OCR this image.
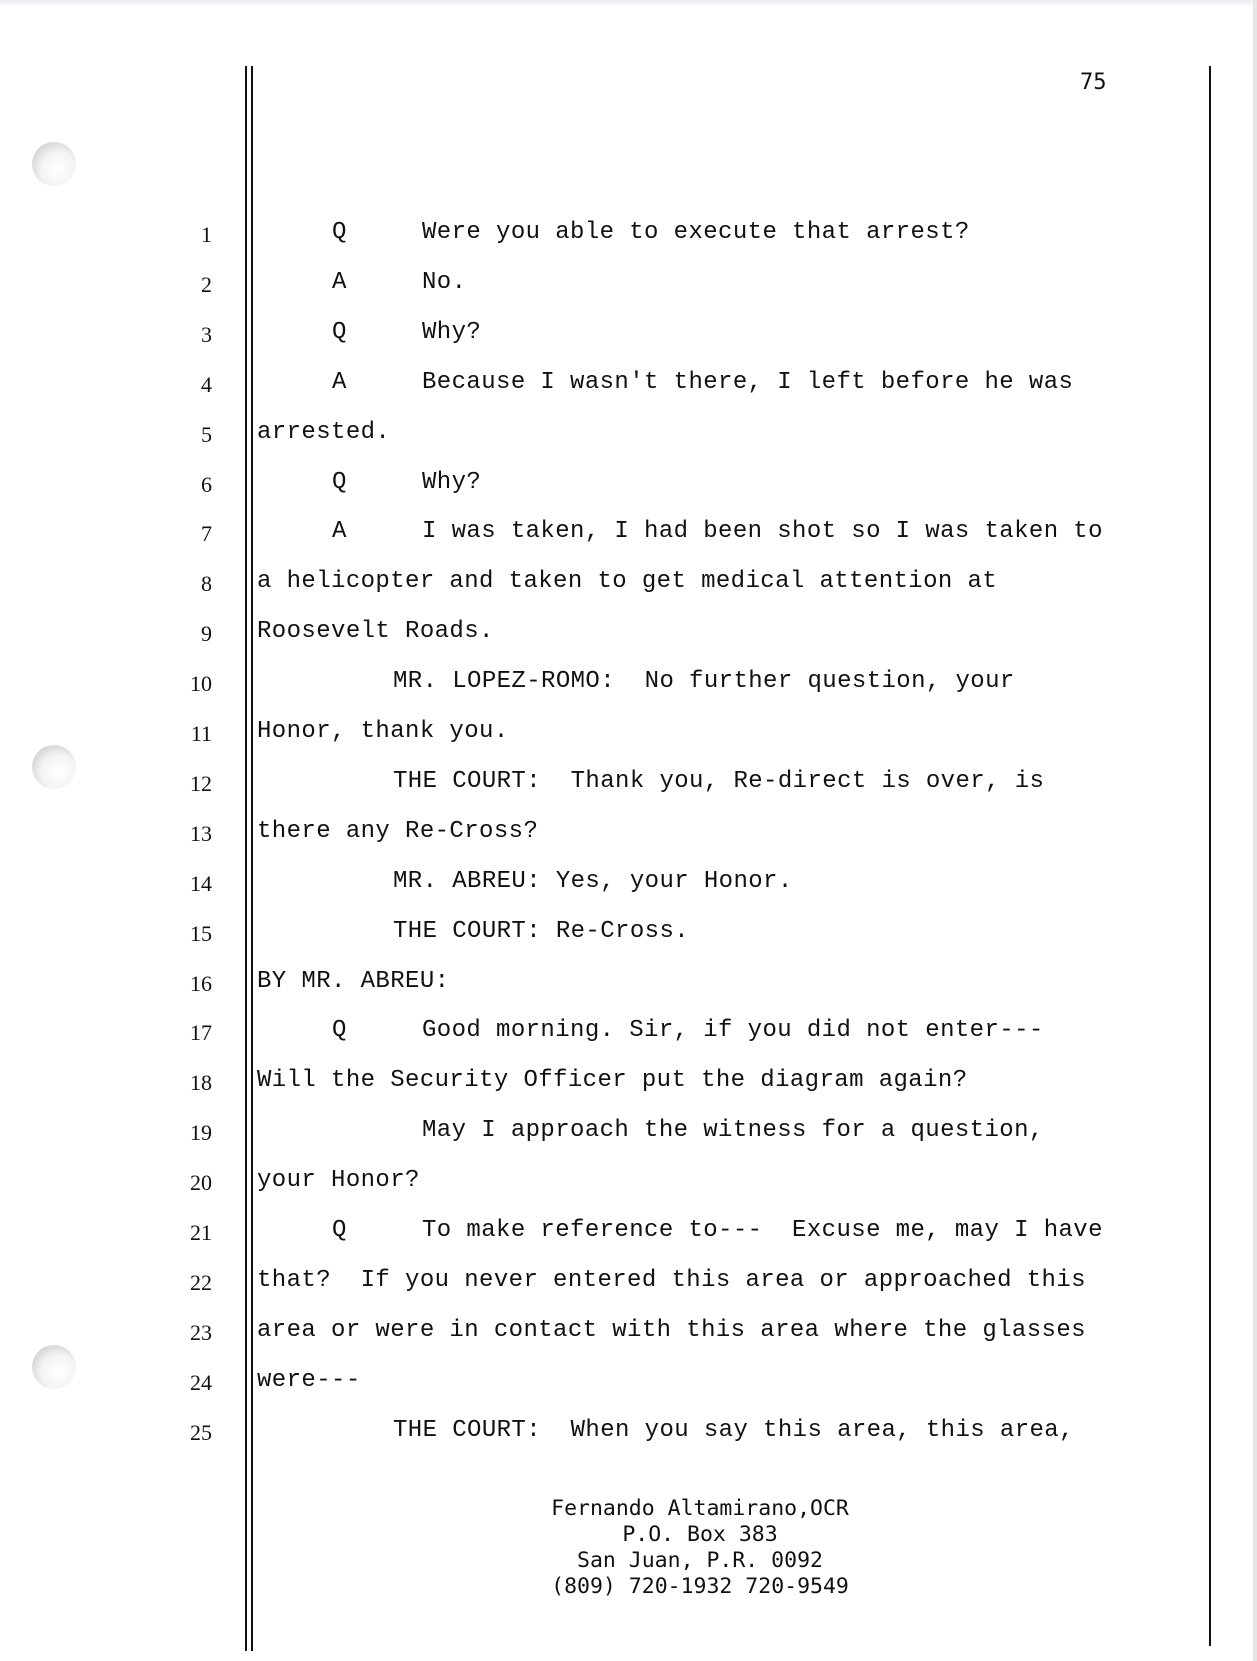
75
1	Q	Were you able to execute that arrest?
2	A	No.
3	Q	Why?
4	A	Because I wasn't there, I left before he was
5 arrested.
6	Q	Why?
7	A	I was taken, I had been shot so I was taken to
8 a helicopter and taken to get medical attention at
9 Roosevelt Roads.
10	MR. LOPEZ-ROMO:  No further question, your
11 Honor, thank you.
12	THE COURT:  Thank you, Re-direct is over, is
13 there any Re-Cross?
14	MR. ABREU: Yes, your Honor.
15	THE COURT: Re-Cross.
16 BY MR. ABREU:
17	Q	Good morning. Sir, if you did not enter---
18 Will the Security Officer put the diagram again?
19	May I approach the witness for a question,
20 your Honor?
21	Q	To make reference to---  Excuse me, may I have
22 that?  If you never entered this area or approached this
23 area or were in contact with this area where the glasses
24 were---
25	THE COURT:  When you say this area, this area,
Fernando Altamirano,OCR
P.O. Box 383
San Juan, P.R. 0092
(809) 720-1932 720-9549
